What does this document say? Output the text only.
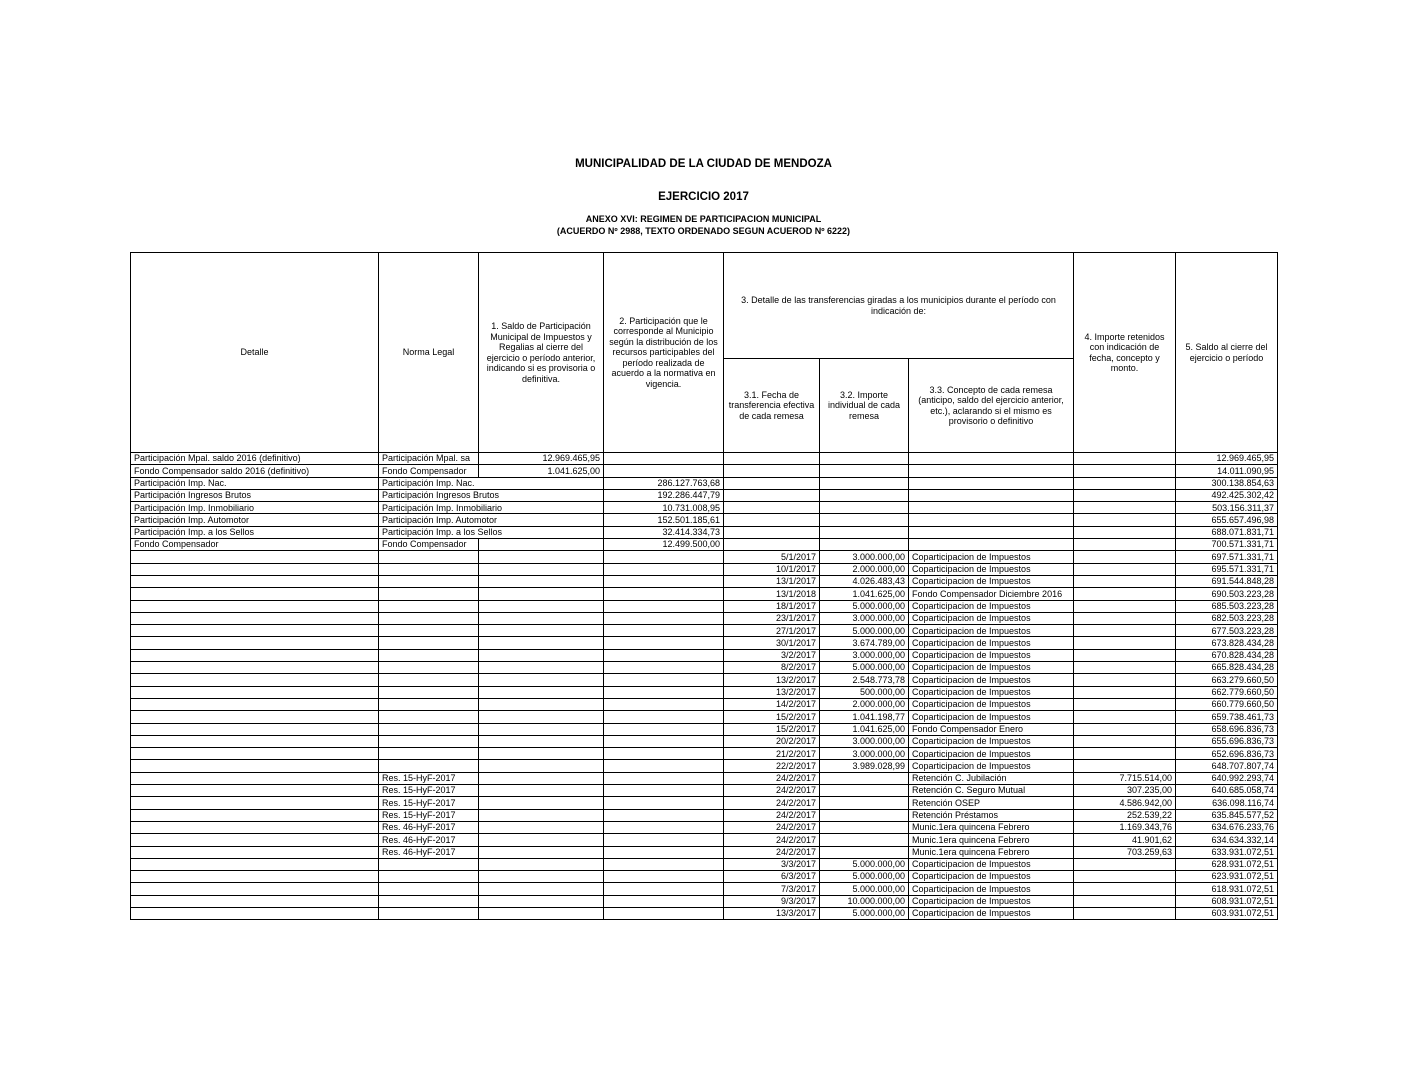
MUNICIPALIDAD DE LA CIUDAD DE MENDOZA
EJERCICIO 2017
ANEXO XVI: REGIMEN DE PARTICIPACION MUNICIPAL
(ACUERDO Nº 2988, TEXTO ORDENADO SEGUN ACUEROD Nº 6222)
Detalle	Norma Legal	1. Saldo de Participación Municipal de Impuestos y Regalias al cierre del ejercicio o período anterior, indicando si es provisoria o definitiva.	2. Participación que le corresponde al Municipio según la distribución de los recursos participables del período realizada de acuerdo a la normativa en vigencia.	3. Detalle de las transferencias giradas a los municipios durante el período con indicación de:			4. Importe retenidos con indicación de fecha, concepto y monto.	5. Saldo al cierre del ejercicio o período
				3.1. Fecha de transferencia efectiva de cada remesa	3.2. Importe individual de cada remesa	3.3. Concepto de cada remesa (anticipo, saldo del ejercicio anterior, etc.), aclarando si el mismo es provisorio o definitivo		
Participación Mpal. saldo 2016 (definitivo)	Participación Mpal. sa	12.969.465,95						12.969.465,95
Fondo Compensador saldo 2016 (definitivo)	Fondo Compensador	1.041.625,00						14.011.090,95
Participación Imp. Nac.	Participación Imp. Nac.		286.127.763,68					300.138.854,63
Participación Ingresos Brutos	Participación Ingresos Brutos		192.286.447,79					492.425.302,42
Participación Imp. Inmobiliario	Participación Imp. Inmobiliario		10.731.008,95					503.156.311,37
Participación Imp. Automotor	Participación Imp. Automotor		152.501.185,61					655.657.496,98
Participación Imp. a los Sellos	Participación Imp. a los Sellos		32.414.334,73					688.071.831,71
Fondo Compensador	Fondo Compensador		12.499.500,00					700.571.331,71
				5/1/2017	3.000.000,00	Coparticipacion de Impuestos		697.571.331,71
				10/1/2017	2.000.000,00	Coparticipacion de Impuestos		695.571.331,71
				13/1/2017	4.026.483,43	Coparticipacion de Impuestos		691.544.848,28
				13/1/2018	1.041.625,00	Fondo Compensador Diciembre 2016		690.503.223,28
				18/1/2017	5.000.000,00	Coparticipacion de Impuestos		685.503.223,28
				23/1/2017	3.000.000,00	Coparticipacion de Impuestos		682.503.223,28
				27/1/2017	5.000.000,00	Coparticipacion de Impuestos		677.503.223,28
				30/1/2017	3.674.789,00	Coparticipacion de Impuestos		673.828.434,28
				3/2/2017	3.000.000,00	Coparticipacion de Impuestos		670.828.434,28
				8/2/2017	5.000.000,00	Coparticipacion de Impuestos		665.828.434,28
				13/2/2017	2.548.773,78	Coparticipacion de Impuestos		663.279.660,50
				13/2/2017	500.000,00	Coparticipacion de Impuestos		662.779.660,50
				14/2/2017	2.000.000,00	Coparticipacion de Impuestos		660.779.660,50
				15/2/2017	1.041.198,77	Coparticipacion de Impuestos		659.738.461,73
				15/2/2017	1.041.625,00	Fondo Compensador Enero		658.696.836,73
				20/2/2017	3.000.000,00	Coparticipacion de Impuestos		655.696.836,73
				21/2/2017	3.000.000,00	Coparticipacion de Impuestos		652.696.836,73
				22/2/2017	3.989.028,99	Coparticipacion de Impuestos		648.707.807,74
	Res. 15-HyF-2017			24/2/2017		Retención C. Jubilación	7.715.514,00	640.992.293,74
	Res. 15-HyF-2017			24/2/2017		Retención C. Seguro Mutual	307.235,00	640.685.058,74
	Res. 15-HyF-2017			24/2/2017		Retención OSEP	4.586.942,00	636.098.116,74
	Res. 15-HyF-2017			24/2/2017		Retención Préstamos	252.539,22	635.845.577,52
	Res. 46-HyF-2017			24/2/2017		Munic.1era quincena Febrero	1.169.343,76	634.676.233,76
	Res. 46-HyF-2017			24/2/2017		Munic.1era quincena Febrero	41.901,62	634.634.332,14
	Res. 46-HyF-2017			24/2/2017		Munic.1era quincena Febrero	703.259,63	633.931.072,51
				3/3/2017	5.000.000,00	Coparticipacion de Impuestos		628.931.072,51
				6/3/2017	5.000.000,00	Coparticipacion de Impuestos		623.931.072,51
				7/3/2017	5.000.000,00	Coparticipacion de Impuestos		618.931.072,51
				9/3/2017	10.000.000,00	Coparticipacion de Impuestos		608.931.072,51
				13/3/2017	5.000.000,00	Coparticipacion de Impuestos		603.931.072,51
